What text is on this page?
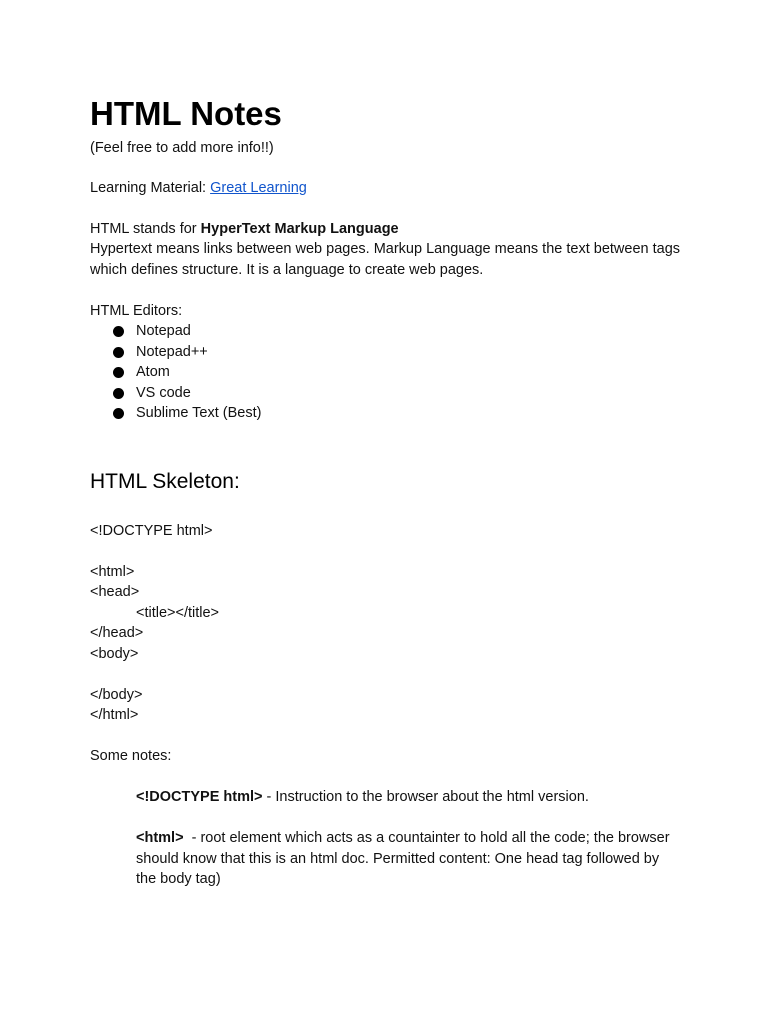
HTML Notes
(Feel free to add more info!!)
Learning Material: Great Learning
HTML stands for HyperText Markup Language
Hypertext means links between web pages. Markup Language means the text between tags which defines structure. It is a language to create web pages.
HTML Editors:
Notepad
Notepad++
Atom
VS code
Sublime Text (Best)
HTML Skeleton:
<!DOCTYPE html>
<html>
<head>
<title></title>
</head>
<body>
</body>
</html>
Some notes:
<!DOCTYPE html> - Instruction to the browser about the html version.
<html>  - root element which acts as a countainter to hold all the code; the browser should know that this is an html doc. Permitted content: One head tag followed by the body tag)
